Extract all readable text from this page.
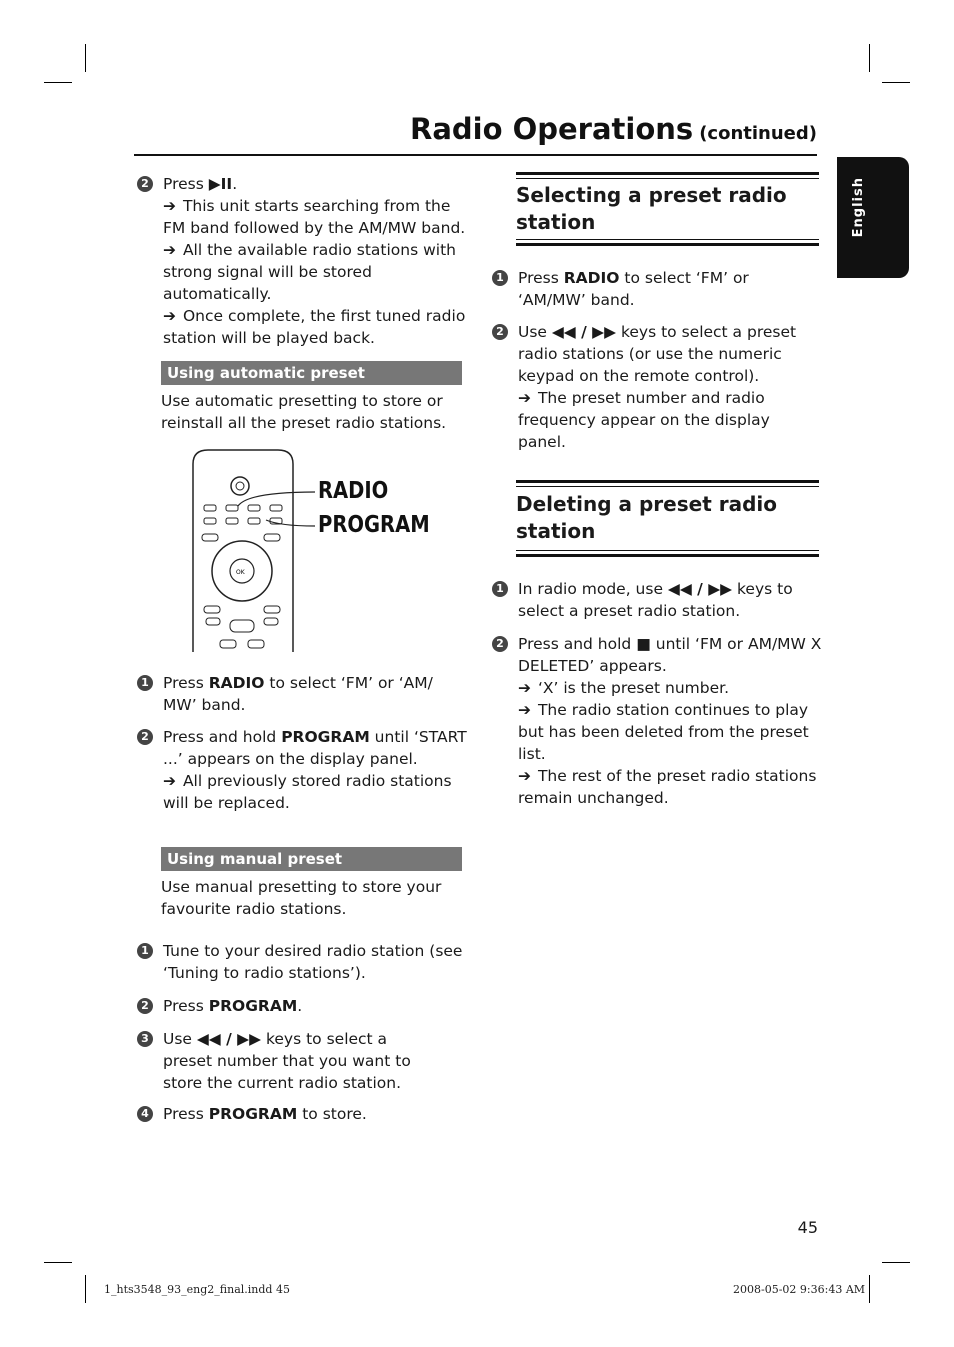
Radio Operations (continued)
English
2 Press ▶II.
➔ This unit starts searching from the FM band followed by the AM/MW band.
➔ All the available radio stations with strong signal will be stored automatically.
➔ Once complete, the first tuned radio station will be played back.
Using automatic preset
Use automatic presetting to store or reinstall all the preset radio stations.
OK
RADIO
PROGRAM
1 Press RADIO to select ‘FM’ or ‘AM/ MW’ band.
2 Press and hold PROGRAM until ‘START ...’ appears on the display panel.
➔ All previously stored radio stations will be replaced.
Using manual preset
Use manual presetting to store your favourite radio stations.
1 Tune to your desired radio station (see ‘Tuning to radio stations’).
2 Press PROGRAM.
3 Use ◀◀ / ▶▶ keys to select a preset number that you want to store the current radio station.
4 Press PROGRAM to store.
Selecting a preset radio station
1 Press RADIO to select ‘FM’ or ‘AM/MW’ band.
2 Use ◀◀ / ▶▶ keys to select a preset radio stations (or use the numeric keypad on the remote control).
➔ The preset number and radio frequency appear on the display panel.
Deleting a preset radio station
1 In radio mode, use ◀◀ / ▶▶ keys to select a preset radio station.
2 Press and hold ■ until ‘FM or AM/MW X DELETED’ appears.
➔ ‘X’ is the preset number.
➔ The radio station continues to play but has been deleted from the preset list.
➔ The rest of the preset radio stations remain unchanged.
45
1_hts3548_93_eng2_final.indd 45	2008-05-02 9:36:43 AM
